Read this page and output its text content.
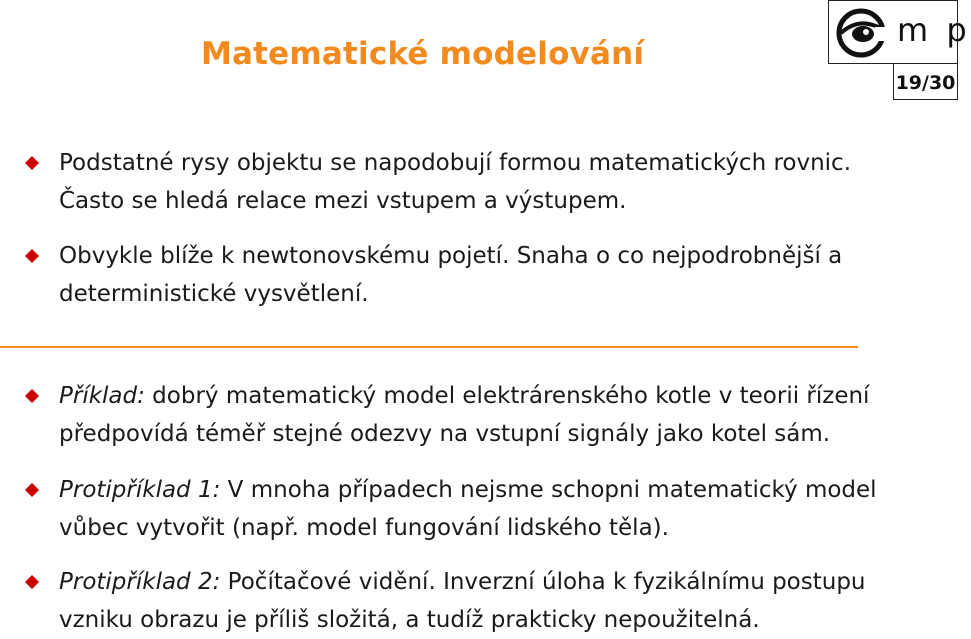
Matematické modelování
m p
19/30

Podstatné rysy objektu se napodobují formou matematických rovnic. Často se hledá relace mezi vstupem a výstupem.

Obvykle blíže k newtonovskému pojetí. Snaha o co nejpodrobnější a deterministické vysvětlení.

Příklad: dobrý matematický model elektrárenského kotle v teorii řízení předpovídá téměř stejné odezvy na vstupní signály jako kotel sám.

Protipříklad 1: V mnoha případech nejsme schopni matematický model vůbec vytvořit (např. model fungování lidského těla).

Protipříklad 2: Počítačové vidění. Inverzní úloha k fyzikálnímu postupu vzniku obrazu je příliš složitá, a tudíž prakticky nepoužitelná.
